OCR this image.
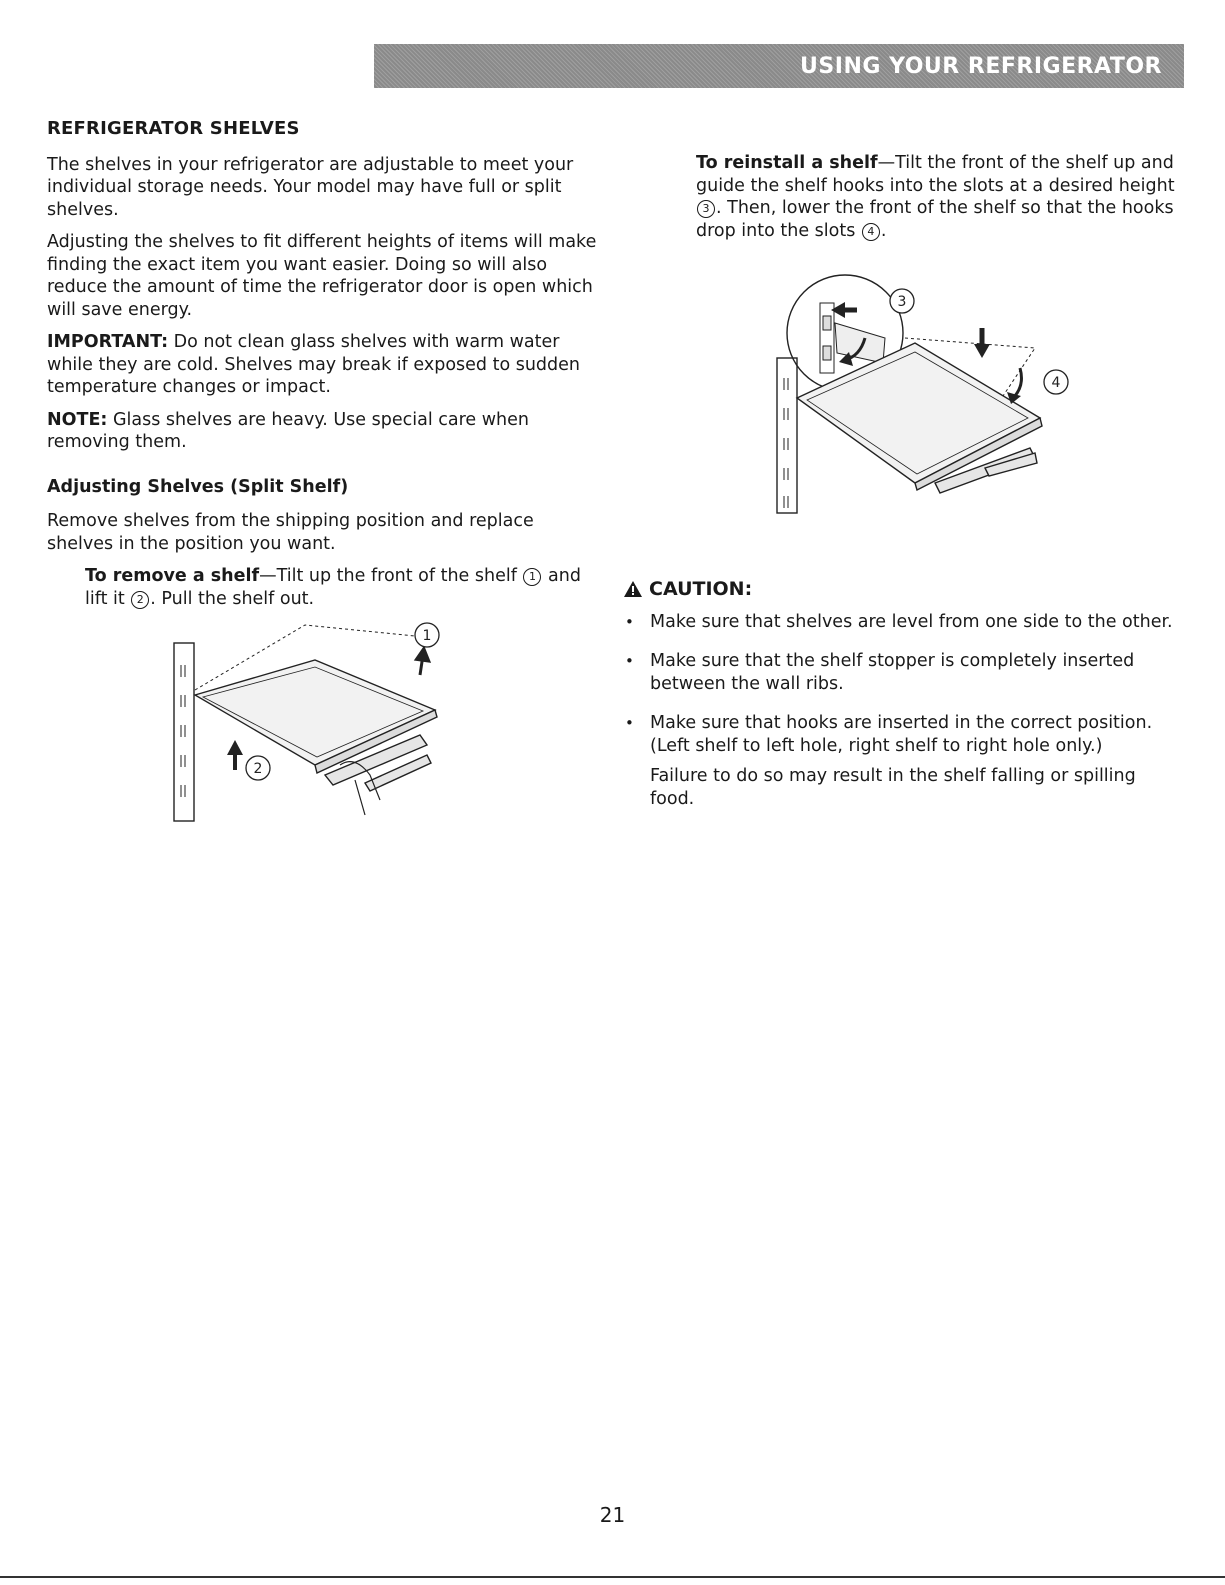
USING YOUR REFRIGERATOR
REFRIGERATOR SHELVES

The shelves in your refrigerator are adjustable to meet your individual storage needs. Your model may have full or split shelves.

Adjusting the shelves to fit different heights of items will make finding the exact item you want easier. Doing so will also reduce the amount of time the refrigerator door is open which will save energy.

IMPORTANT: Do not clean glass shelves with warm water while they are cold. Shelves may break if exposed to sudden temperature changes or impact.

NOTE: Glass shelves are heavy. Use special care when removing them.

Adjusting Shelves (Split Shelf)

Remove shelves from the shipping position and replace shelves in the position you want.

To remove a shelf—Tilt up the front of the shelf 1 and lift it 2 . Pull the shelf out.

1
2

To reinstall a shelf—Tilt the front of the shelf up and guide the shelf hooks into the slots at a desired height 3 . Then, lower the front of the shelf so that the hooks drop into the slots 4 .

3
4
CAUTION:
• Make sure that shelves are level from one side to the other.
• Make sure that the shelf stopper is completely inserted between the wall ribs.
• Make sure that hooks are inserted in the correct position. (Left shelf to left hole, right shelf to right hole only.)

Failure to do so may result in the shelf falling or spilling food.

21
